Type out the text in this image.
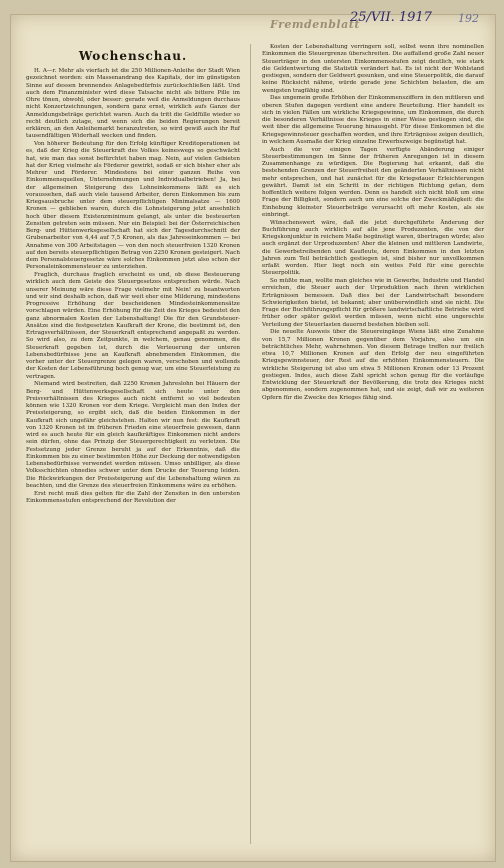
Fremdenblatt
25/VII. 1917 192
Wochenschau.

H. A—r. Mehr als vierfach ist die 250 Millionen-Anleihe der Stadt Wien gezeichnet worden: ein Massenandrang des Kapitals, der im günstigsten Sinne auf dessen brennendes Anlagebedürfnis zurückschließen läßt. Und auch dem Finanzminister wird diese Tatsache nicht als bittere Pille im Ohre tönen, obwohl, oder besser: gerade weil die Anmeldungen durchaus nicht Konzertzeichnungen, sondern ganz ernst, wirklich aufs Ganze der Anmeldungsbeträge gerichtet waren. Auch da tritt die Geldfülle wieder so recht deutlich zutage, und wenn sich die beiden Regierungen bereit erklären, an den Anleihemarkt heranzutreten, so wird gewiß auch ihr Ruf tausendfältigen Widerhall wecken und finden.

Von höherer Bedeutung für den Erfolg künftiger Kreditoperationen ist es, daß der Krieg die Steuerkraft des Volkes keineswegs so geschwächt hat, wie man das sonst befürchtet haben mag. Nein, auf vielen Gebieten hat der Krieg vielmehr als Förderer gewirkt, sodaß er sich bisher eher als Mehrer und Förderer. Mindestens bei einer ganzen Reihe von Einkommensquellen, Unternehmungen und Individualbetrieben! Ja, bei der allgemeinen Steigerung des Lohneinkommens läßt es sich voraussehen, daß auch viele tausend Arbeiter, deren Einkommen bis zum Kriegsausbruche unter dem steuerpflichtigen Minimalsatze — 1600 Kronen — geblieben waren, durch die Lohnsteigerung jetzt ansehnlich hoch über diesem Existenzminimum gelangt, als unter die besteuerten Zensiten getreten sein müssen. Nur ein Beispiel: bei der Österreichischen Berg- und Hüttenwerksgesellschaft hat sich der Tagesdurchschnitt der Grubenarbeiter von 4,44 auf 7,5 Kronen, als das Jahreseinkommen — bei Annahme von 300 Arbeitstagen — von den noch steuerfreien 1320 Kronen auf den bereits steuerpflichtigen Betrag von 2250 Kronen gesteigert. Nach dem Personalsteuergesetze wäre solches Einkommen jetzt also schon der Personaleinkommensteuer zu unterziehen.

Fraglich, durchaus fraglich erscheint es und, ob diese Besteuerung wirklich auch dem Geiste des Steuergesetzes entsprechen würde. Nach unserer Meinung wäre diese Frage vielmehr mit Nein! zu beantworten und wir sind deshalb schon, daß wir weit eher eine Milderung, mindestens Progressive Erhöhung der bescheidenen Mindesteinkommensätze vorschlagen würden. Eine Erhöhung für die Zeit des Krieges bedeutet den ganz abnormalen Kosten der Lebenshaltung! Die für den Grundsteuer-Ansätze sind die festgesetzten Kaufkraft der Krone, die bestimmt ist, den Ertragsverhältnissen, der Steuerkraft entsprechend angepaßt zu werden. So wird also, zu dem Zeitpunkte, in welchem, genau genommen, die Steuerkraft gegeben ist, durch die Verteuerung der unteren Lebensbedürfnisse jene an Kaufkraft abnehmenden Einkommen, die vorher unter der Steuergrenze gelegen waren, verschoben und wollends der Kosten der Lebensführung hoch genug war, um eine Steuerleistung zu vertragen.

Niemand wird bestreiten, daß 2250 Kronen Jahreslohn bei Häuern der Berg- und Hüttenwerksgesellschaft sich heute unter den Preisverhältnissen des Krieges auch nicht entfernt so viel bedeuten können wie 1320 Kronen vor dem Kriege. Vergleicht man den Index der Preissteigerung, so ergibt sich, daß die beiden Einkommen in der Kaufkraft sich ungefähr gleichstehen. Halten wir nun fest: die Kaufkraft von 1320 Kronen ist im früheren Frieden eine steuerfreie gewesen, dann wird es auch heute für ein gleich kaufkräftiges Einkommen nicht anders sein dürfen, ohne das Prinzip der Steuergerechtigkeit zu verletzen. Die Festsetzung jeder Grenze beruht ja auf der Erkenntnis, daß die Einkommen bis zu einer bestimmten Höhe zur Deckung der notwendigsten Lebensbedürfnisse verwendet werden müssen. Umso unbilliger, als diese Volksschichten ohnedies schwer unter dem Drucke der Teuerung leiden. Die Rückwirkungen der Preissteigerung auf die Lebenshaltung wären zu beachten, und die Grenze des steuerfreien Einkommens wäre zu erhöhen.

Erst recht muß dies gelten für die Zahl der Zensiten in den untersten Einkommensstufen entsprechend der Revolution der

Kosten der Lebenshaltung verringern soll, selbst wenn ihre nominellen Einkommen die Steuergrenze überschreiten. Die auffallend große Zahl neuer Steuerträger in den untersten Einkommensstufen zeigt deutlich, wie stark die Geldentwertung die Statistik verändert hat. Es ist nicht der Wohlstand gestiegen, sondern der Geldwert gesunken, und eine Steuerpolitik, die darauf keine Rücksicht nähme, würde gerade jene Schichten belasten, die am wenigsten tragfähig sind.

Das ungemein große Erhöhen der Einkommensziffern in den mittleren und oberen Stufen dagegen verdient eine andere Beurteilung. Hier handelt es sich in vielen Fällen um wirkliche Kriegsgewinne, um Einkommen, die durch die besonderen Verhältnisse des Krieges in einer Weise gestiegen sind, die weit über die allgemeine Teuerung hinausgeht. Für diese Einkommen ist die Kriegsgewinnsteuer geschaffen worden, und ihre Erträgnisse zeigen deutlich, in welchem Ausmaße der Krieg einzelne Erwerbszweige begünstigt hat.

Auch die vor einigen Tagen verfügte Abänderung einiger Steuerbestimmungen im Sinne der früheren Anregungen ist in diesem Zusammenhange zu würdigen. Die Regierung hat erkannt, daß die bestehenden Grenzen der Steuerfreiheit den geänderten Verhältnissen nicht mehr entsprechen, und hat zunächst für die Kriegsdauer Erleichterungen gewährt. Damit ist ein Schritt in der richtigen Richtung getan, dem hoffentlich weitere folgen werden. Denn es handelt sich nicht bloß um eine Frage der Billigkeit, sondern auch um eine solche der Zweckmäßigkeit: die Einhebung kleinster Steuerbeträge verursacht oft mehr Kosten, als sie einbringt.

Wünschenswert wäre, daß die jetzt durchgeführte Änderung der Buchführung auch wirklich auf alle jene Produzenten, die von der Kriegskonjunktur in reichem Maße begünstigt waren, übertragen würde; also auch ergänzt der Urproduzenten! Aber die kleinen und mittleren Landwirte, die Gewerbetreibenden und Kaufleute, deren Einkommen in den letzten Jahren zum Teil beträchtlich gestiegen ist, sind bisher nur unvollkommen erfaßt worden. Hier liegt noch ein weites Feld für eine gerechte Steuerpolitik.

So müßte man, wollte man gleiches wie in Gewerbe, Industrie und Handel erreichen, die Steuer auch der Urproduktion nach ihren wirklichen Erträgnissen bemessen. Daß dies bei der Landwirtschaft besondere Schwierigkeiten bietet, ist bekannt; aber unüberwindlich sind sie nicht. Die Frage der Buchführungspflicht für größere landwirtschaftliche Betriebe wird früher oder später gelöst werden müssen, wenn nicht eine ungerechte Verteilung der Steuerlasten dauernd bestehen bleiben soll.

Die neuelte Ausweis über die Steuereingänge Wiens läßt eine Zunahme von 15,7 Millionen Kronen gegenüber dem Vorjahre, also um ein beträchtliches Mehr, wahrnehmen. Von diesem Betrage treffen nur freilich etwa 10,7 Millionen Kronen auf den Erfolg der neu eingeführten Kriegsgewinnsteuer, der Rest auf die erhöhten Einkommensteuern. Die wirkliche Steigerung ist also um etwa 5 Millionen Kronen oder 13 Prozent gestiegen. Indes, auch diese Zahl spricht schon genug für die vorläufige Entwicklung der Steuerkraft der Bevölkerung, die trotz des Krieges nicht abgenommen, sondern zugenommen hat, und sie zeigt, daß wir zu weiteren Opfern für die Zwecke des Krieges fähig sind.
